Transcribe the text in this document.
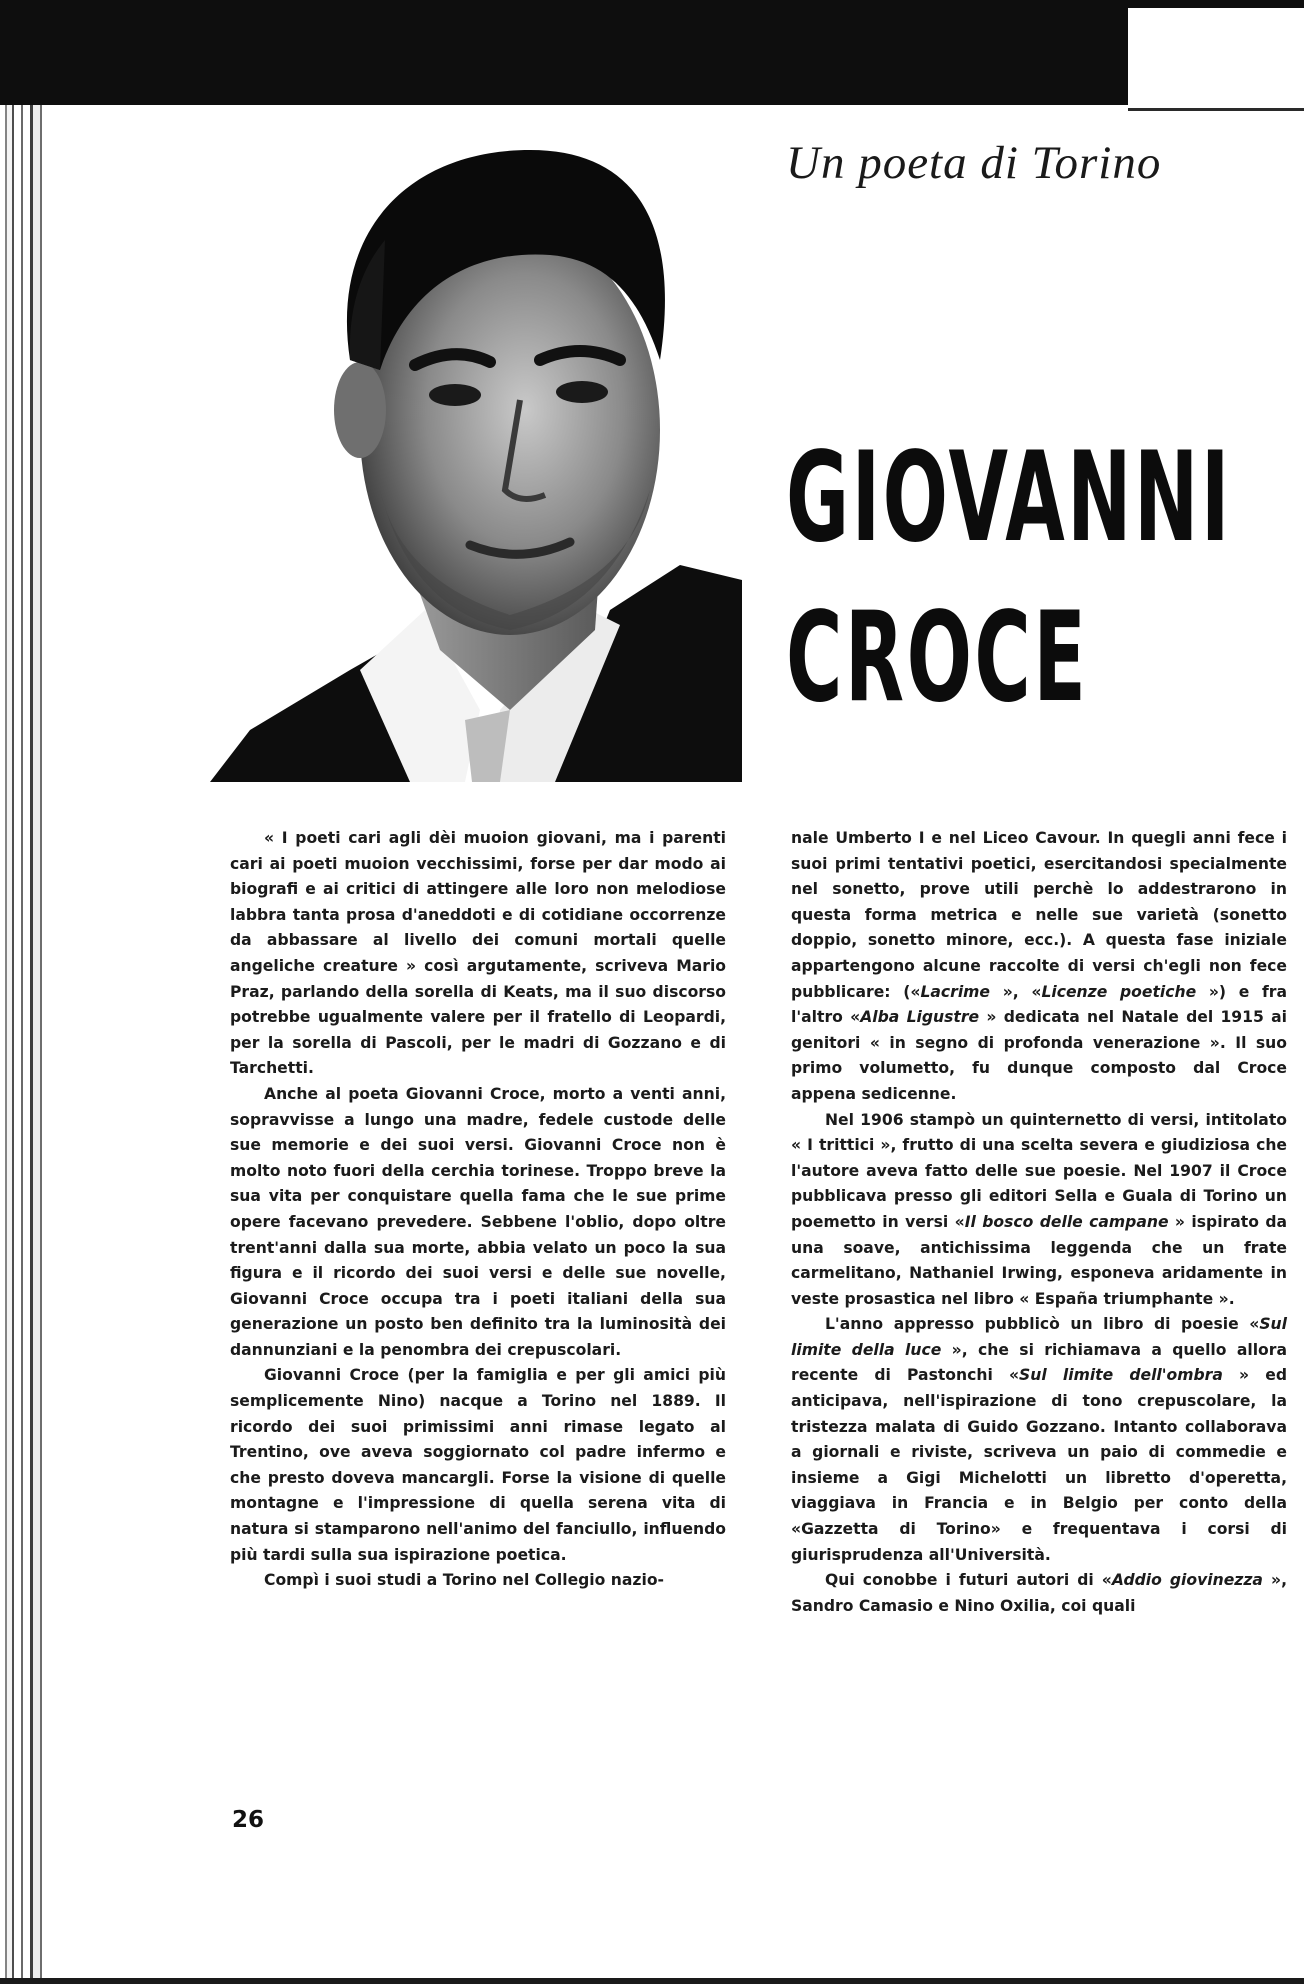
Un poeta di Torino
GIOVANNI
CROCE

« I poeti cari agli dèi muoion giovani, ma i parenti cari ai poeti muoion vecchissimi, forse per dar modo ai biografi e ai critici di attingere alle loro non melodiose labbra tanta prosa d'aneddoti e di cotidiane occorrenze da abbassare al livello dei comuni mortali quelle angeliche creature » così argutamente, scriveva Mario Praz, parlando della sorella di Keats, ma il suo discorso potrebbe ugualmente valere per il fratello di Leopardi, per la sorella di Pascoli, per le madri di Gozzano e di Tarchetti.

Anche al poeta Giovanni Croce, morto a venti anni, sopravvisse a lungo una madre, fedele custode delle sue memorie e dei suoi versi. Giovanni Croce non è molto noto fuori della cerchia torinese. Troppo breve la sua vita per conquistare quella fama che le sue prime opere facevano prevedere. Sebbene l'oblio, dopo oltre trent'anni dalla sua morte, abbia velato un poco la sua figura e il ricordo dei suoi versi e delle sue novelle, Giovanni Croce occupa tra i poeti italiani della sua generazione un posto ben definito tra la luminosità dei dannunziani e la penombra dei crepuscolari.

Giovanni Croce (per la famiglia e per gli amici più semplicemente Nino) nacque a Torino nel 1889. Il ricordo dei suoi primissimi anni rimase legato al Trentino, ove aveva soggiornato col padre infermo e che presto doveva mancargli. Forse la visione di quelle montagne e l'impressione di quella serena vita di natura si stamparono nell'animo del fanciullo, influendo più tardi sulla sua ispirazione poetica.

Compì i suoi studi a Torino nel Collegio nazio-

nale Umberto I e nel Liceo Cavour. In quegli anni fece i suoi primi tentativi poetici, esercitandosi specialmente nel sonetto, prove utili perchè lo addestrarono in questa forma metrica e nelle sue varietà (sonetto doppio, sonetto minore, ecc.). A questa fase iniziale appartengono alcune raccolte di versi ch'egli non fece pubblicare: («Lacrime », «Licenze poetiche ») e fra l'altro «Alba Ligustre » dedicata nel Natale del 1915 ai genitori « in segno di profonda venerazione ». Il suo primo volumetto, fu dunque composto dal Croce appena sedicenne.

Nel 1906 stampò un quinternetto di versi, intitolato « I trittici », frutto di una scelta severa e giudiziosa che l'autore aveva fatto delle sue poesie. Nel 1907 il Croce pubblicava presso gli editori Sella e Guala di Torino un poemetto in versi «Il bosco delle campane » ispirato da una soave, antichissima leggenda che un frate carmelitano, Nathaniel Irwing, esponeva aridamente in veste prosastica nel libro « España triumphante ».

L'anno appresso pubblicò un libro di poesie «Sul limite della luce », che si richiamava a quello allora recente di Pastonchi «Sul limite dell'ombra » ed anticipava, nell'ispirazione di tono crepuscolare, la tristezza malata di Guido Gozzano. Intanto collaborava a giornali e riviste, scriveva un paio di commedie e insieme a Gigi Michelotti un libretto d'operetta, viaggiava in Francia e in Belgio per conto della «Gazzetta di Torino» e frequentava i corsi di giurisprudenza all'Università.

Qui conobbe i futuri autori di «Addio giovinezza », Sandro Camasio e Nino Oxilia, coi quali

26
